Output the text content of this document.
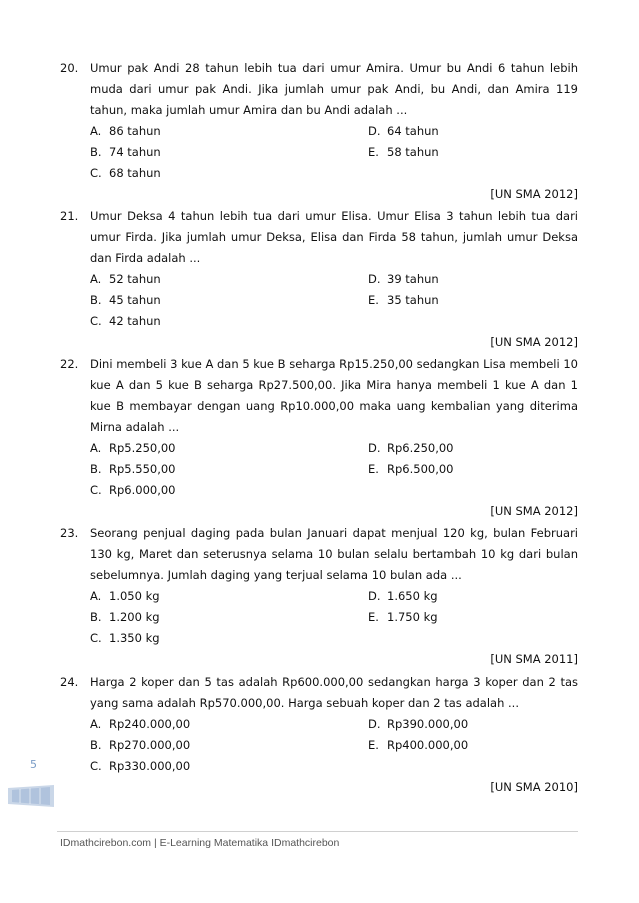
20.	Umur pak Andi 28 tahun lebih tua dari umur Amira. Umur bu Andi 6 tahun lebih muda dari umur pak Andi. Jika jumlah umur pak Andi, bu Andi, dan Amira 119 tahun, maka jumlah umur Amira dan bu Andi adalah ...
A. 86 tahun
B. 74 tahun
C. 68 tahun
D. 64 tahun
E. 58 tahun
[UN SMA 2012]
21.	Umur Deksa 4 tahun lebih tua dari umur Elisa. Umur Elisa 3 tahun lebih tua dari umur Firda. Jika jumlah umur Deksa, Elisa dan Firda 58 tahun, jumlah umur Deksa dan Firda adalah ...
A. 52 tahun
B. 45 tahun
C. 42 tahun
D. 39 tahun
E. 35 tahun
[UN SMA 2012]
22.	Dini membeli 3 kue A dan 5 kue B seharga Rp15.250,00 sedangkan Lisa membeli 10 kue A dan 5 kue B seharga Rp27.500,00. Jika Mira hanya membeli 1 kue A dan 1 kue B membayar dengan uang Rp10.000,00 maka uang kembalian yang diterima Mirna adalah ...
A. Rp5.250,00
B. Rp5.550,00
C. Rp6.000,00
D. Rp6.250,00
E. Rp6.500,00
[UN SMA 2012]
23.	Seorang penjual daging pada bulan Januari dapat menjual 120 kg, bulan Februari 130 kg, Maret dan seterusnya selama 10 bulan selalu bertambah 10 kg dari bulan sebelumnya. Jumlah daging yang terjual selama 10 bulan ada ...
A. 1.050 kg
B. 1.200 kg
C. 1.350 kg
D. 1.650 kg
E. 1.750 kg
[UN SMA 2011]
24.	Harga 2 koper dan 5 tas adalah Rp600.000,00 sedangkan harga 3 koper dan 2 tas yang sama adalah Rp570.000,00. Harga sebuah koper dan 2 tas adalah ...
A. Rp240.000,00
B. Rp270.000,00
C. Rp330.000,00
D. Rp390.000,00
E. Rp400.000,00
[UN SMA 2010]
5
IDmathcirebon.com | E-Learning Matematika IDmathcirebon
